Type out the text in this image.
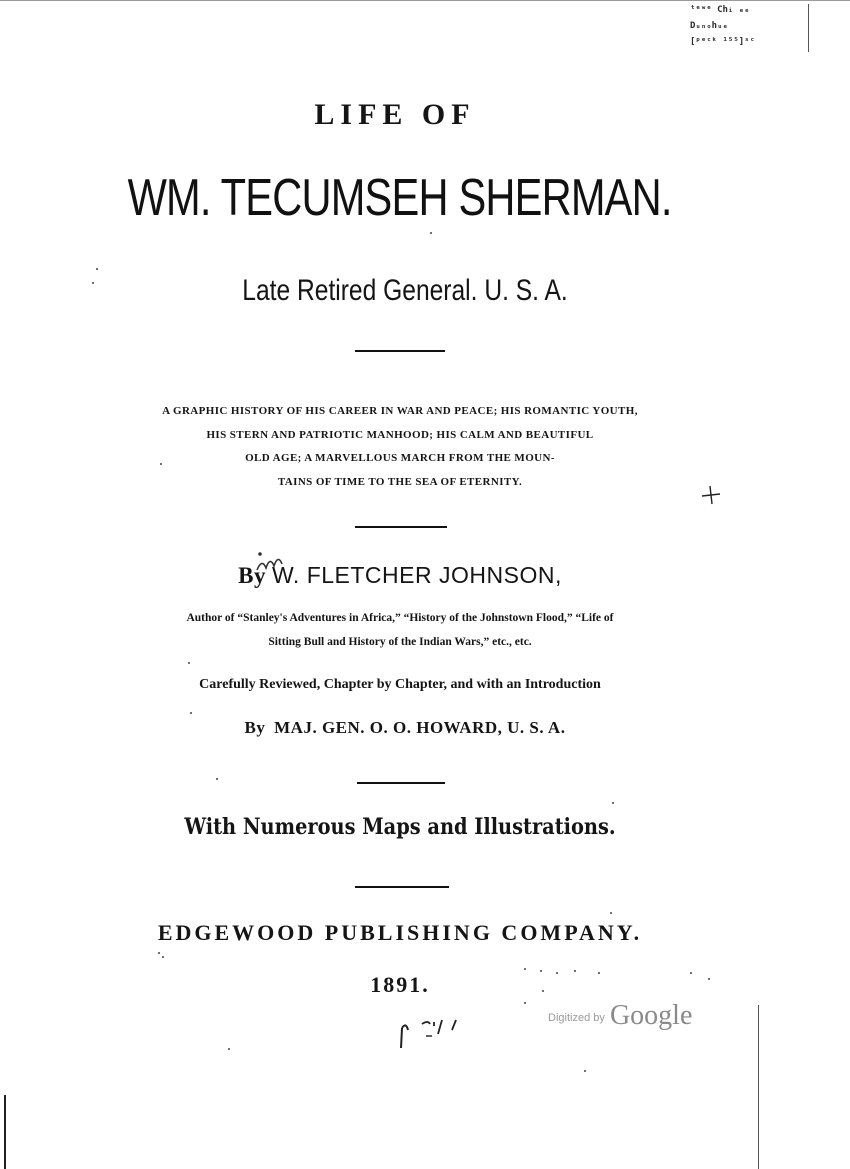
ᵗᵉʷᵉ Chᵢ ₑₑ
Dᵤₙₒhᵤₑ
[ᵖᵉᶜᵏ ¹⁵⁵]ˢᶜ
LIFE OF
WM. TECUMSEH SHERMAN.
Late Retired General. U. S. A.
A GRAPHIC HISTORY OF HIS CAREER IN WAR AND PEACE; HIS ROMANTIC YOUTH,
HIS STERN AND PATRIOTIC MANHOOD; HIS CALM AND BEAUTIFUL
OLD AGE; A MARVELLOUS MARCH FROM THE MOUN-
TAINS OF TIME TO THE SEA OF ETERNITY.
By W. FLETCHER JOHNSON,
Author of “Stanley's Adventures in Africa,” “History of the Johnstown Flood,” “Life of
Sitting Bull and History of the Indian Wars,” etc., etc.
Carefully Reviewed, Chapter by Chapter, and with an Introduction
By MAJ. GEN. O. O. HOWARD, U. S. A.
With Numerous Maps and Illustrations.
EDGEWOOD PUBLISHING COMPANY.
1891.
Digitized by Google
